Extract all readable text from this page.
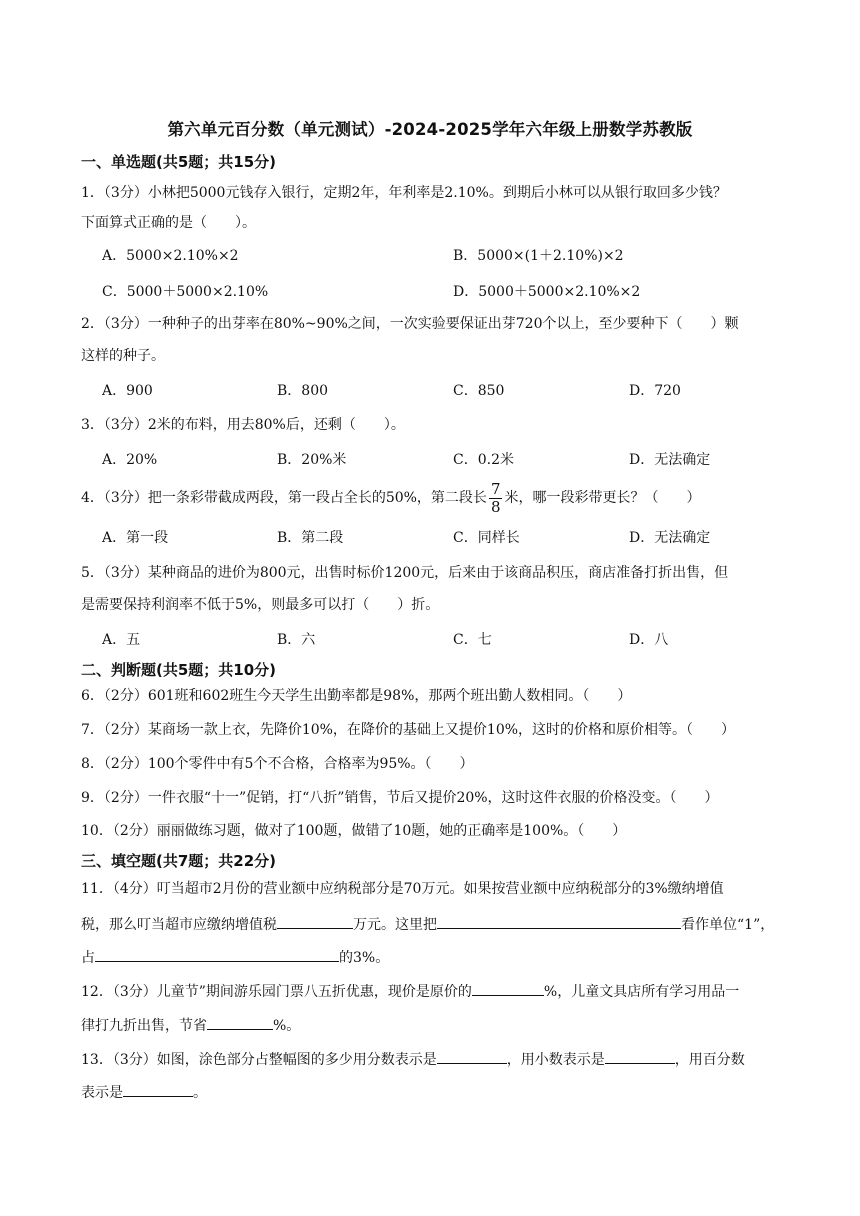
第六单元百分数（单元测试）-2024-2025学年六年级上册数学苏教版
一、单选题(共5题；共15分)
1．（3分）小林把5000元钱存入银行，定期2年，年利率是2.10%。到期后小林可以从银行取回多少钱？
下面算式正确的是（　　）。
A．5000×2.10%×2	B．5000×(1＋2.10%)×2
C．5000＋5000×2.10%	D．5000＋5000×2.10%×2
2．（3分）一种种子的出芽率在80%~90%之间，一次实验要保证出芽720个以上，至少要种下（　　）颗
这样的种子。
A．900	B．800	C．850	D．720
3．（3分）2米的布料，用去80%后，还剩（　　）。
A．20%	B．20%米	C．0.2米	D．无法确定
4．（3分）把一条彩带截成两段，第一段占全长的50%，第二段长 $\frac{7}{8}$ 米，哪一段彩带更长？（　　）
A．第一段	B．第二段	C．同样长	D．无法确定
5．（3分）某种商品的进价为800元，出售时标价1200元，后来由于该商品积压，商店准备打折出售，但
是需要保持利润率不低于5%，则最多可以打（　　）折。
A．五	B．六	C．七	D．八
二、判断题(共5题；共10分)
6．（2分）601班和602班生今天学生出勤率都是98%，那两个班出勤人数相同。（　　）
7．（2分）某商场一款上衣，先降价10%，在降价的基础上又提价10%，这时的价格和原价相等。（　　）
8．（2分）100个零件中有5个不合格，合格率为95%。（　　）
9．（2分）一件衣服“十一”促销，打“八折”销售，节后又提价20%，这时这件衣服的价格没变。（　　）
10．（2分）丽丽做练习题，做对了100题，做错了10题，她的正确率是100%。（　　）
三、填空题(共7题；共22分)
11．（4分）叮当超市2月份的营业额中应纳税部分是70万元。如果按营业额中应纳税部分的3%缴纳增值
税，那么叮当超市应缴纳增值税	万元。这里把	看作单位“1”，
占	的3%。
12．（3分）儿童节”期间游乐园门票八五折优惠，现价是原价的	%，儿童文具店所有学习用品一
律打九折出售，节省	%。
13．（3分）如图，涂色部分占整幅图的多少用分数表示是	，用小数表示是	，用百分数
表示是	。
